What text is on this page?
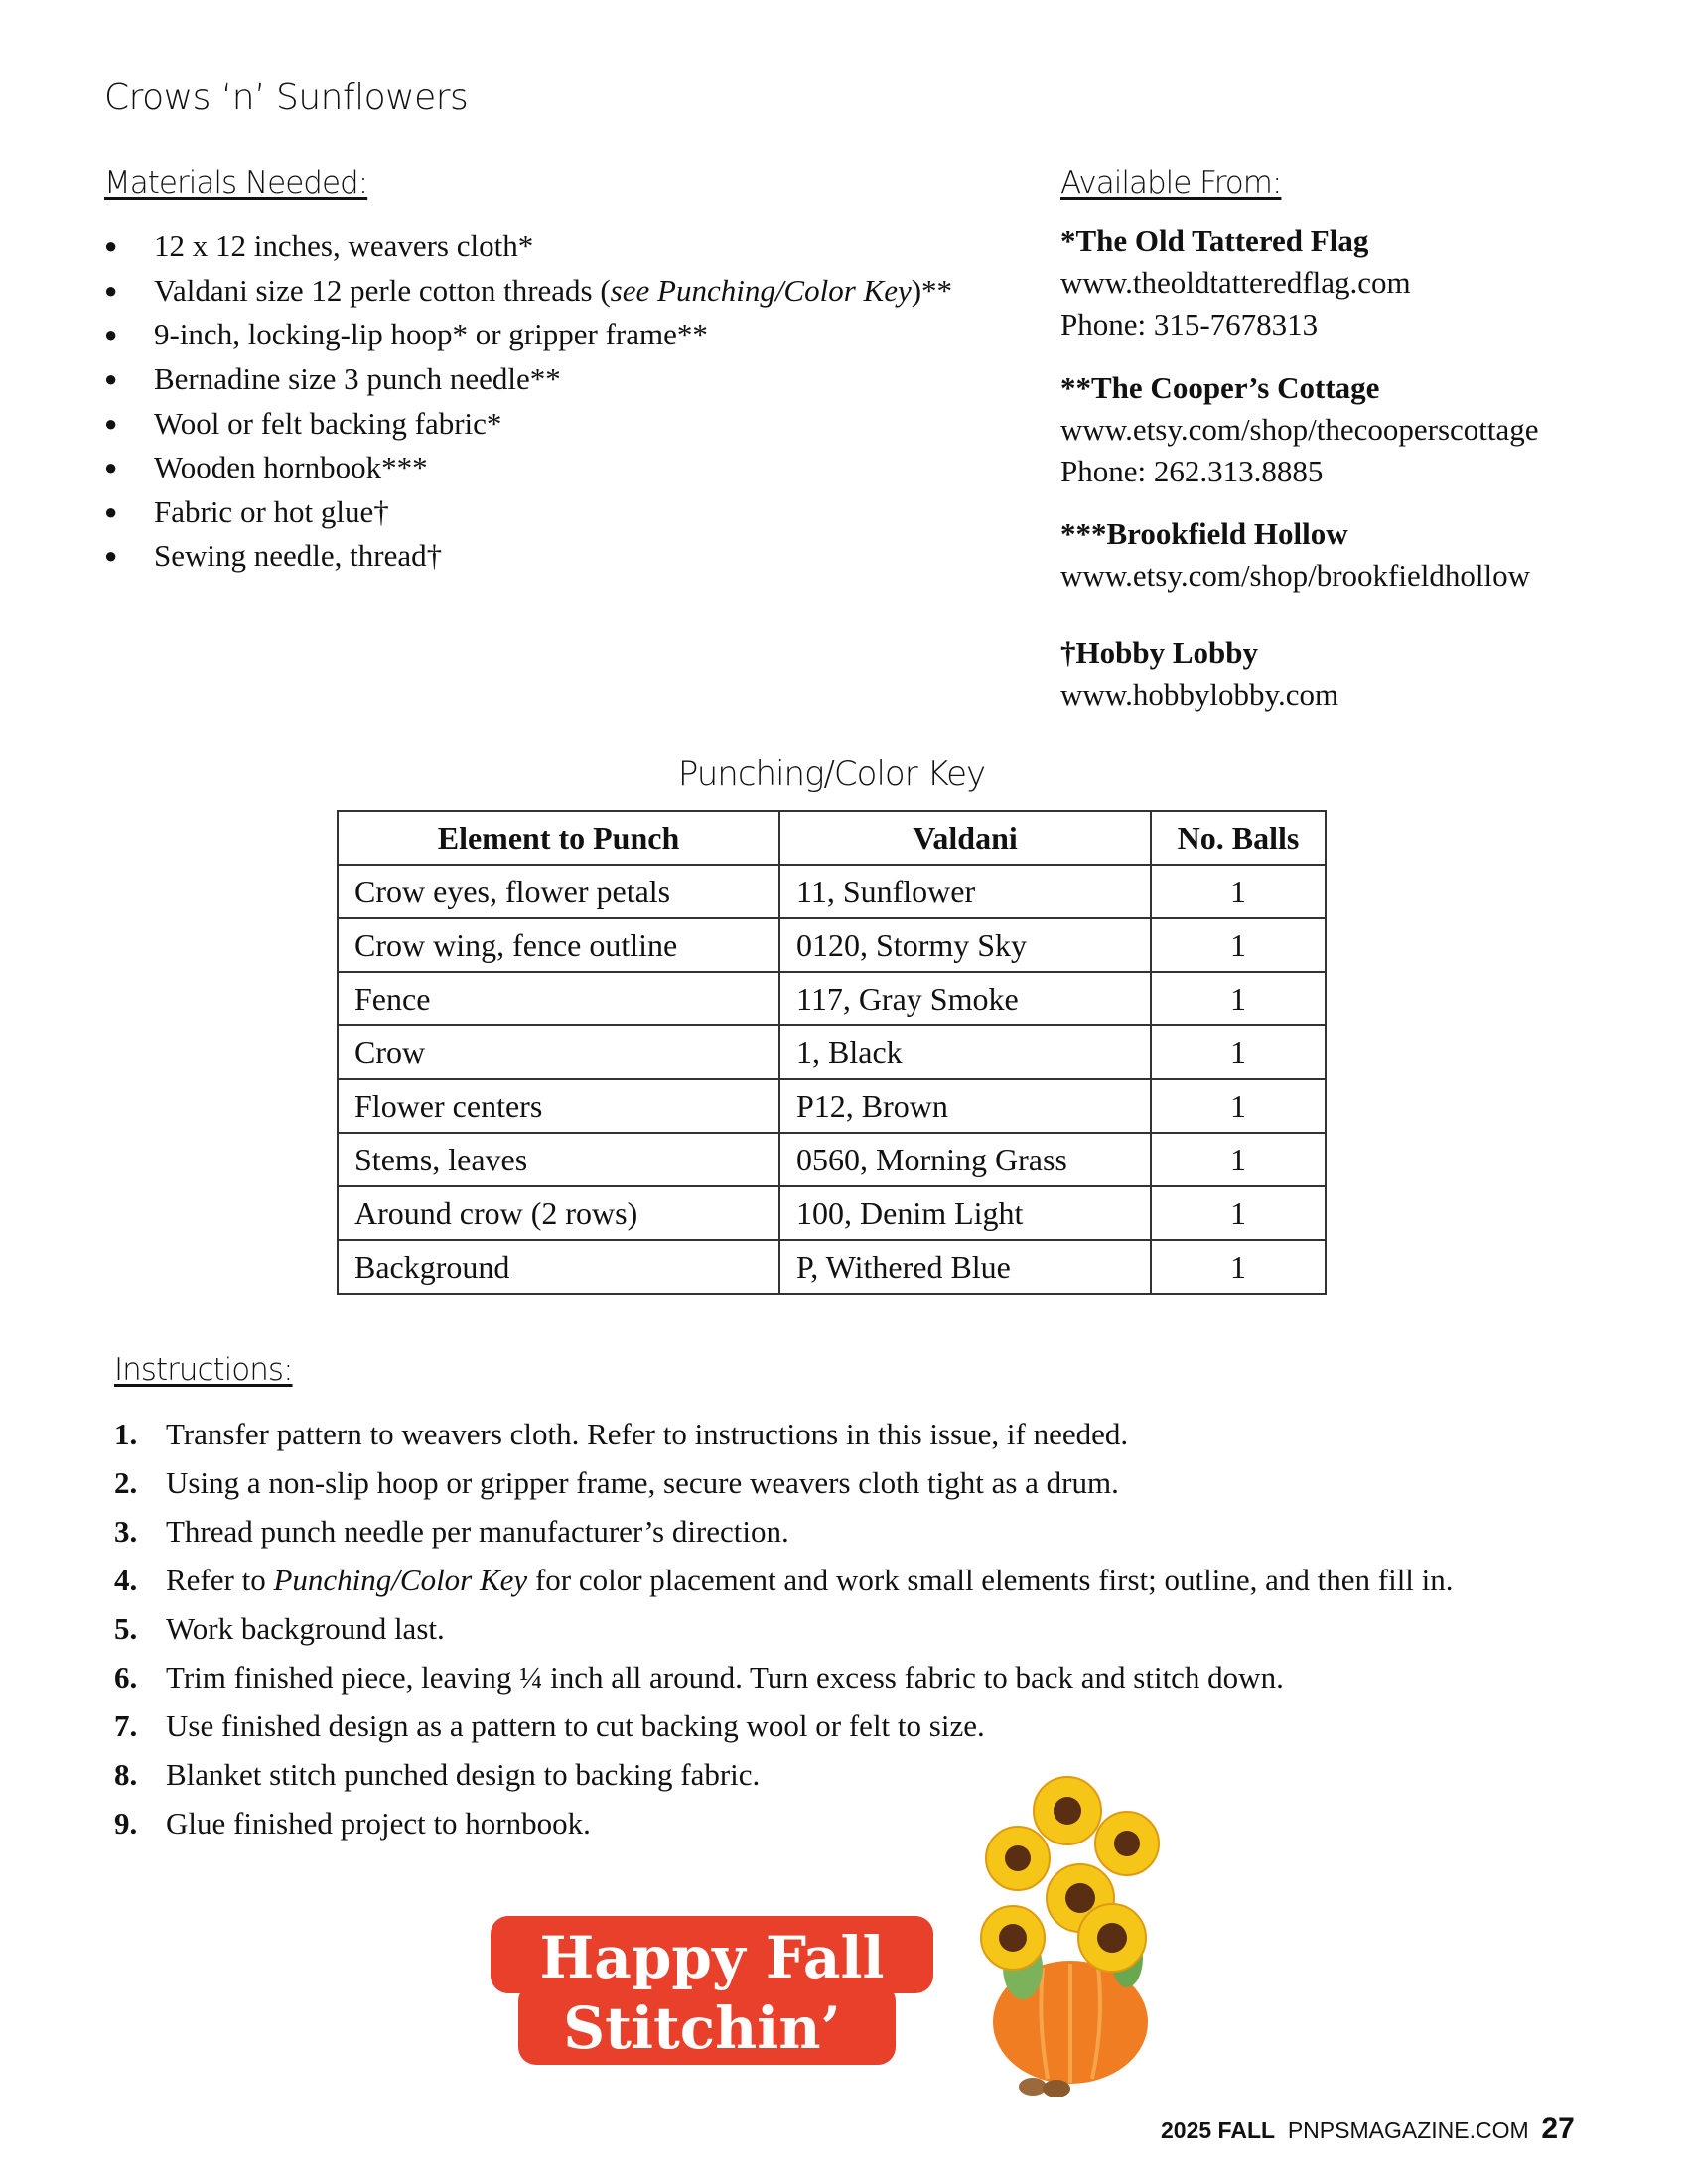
Crows ‘n’ Sunflowers
Materials Needed:
●	12 x 12 inches, weavers cloth*
●	Valdani size 12 perle cotton threads ( see Punching/Color Key )**
●	9-inch, locking-lip hoop* or gripper frame**
●	Bernadine size 3 punch needle**
●	Wool or felt backing fabric*
●	Wooden hornbook***
●	Fabric or hot glue†
●	Sewing needle, thread†
Available From:
*The Old Tattered Flag
www.theoldtatteredflag.com
Phone: 315-7678313
**The Cooper’s Cottage
www.etsy.com/shop/thecooperscottage
Phone: 262.313.8885
***Brookfield Hollow
www.etsy.com/shop/brookfieldhollow
†Hobby Lobby
www.hobbylobby.com
Punching/Color Key
Element to Punch	Valdani	No. Balls
Crow eyes, flower petals	11, Sunflower	1
Crow wing, fence outline	0120, Stormy Sky	1
Fence	117, Gray Smoke	1
Crow	1, Black	1
Flower centers	P12, Brown	1
Stems, leaves	0560, Morning Grass	1
Around crow (2 rows)	100, Denim Light	1
Background	P, Withered Blue	1
Instructions:
1. Transfer pattern to weavers cloth. Refer to instructions in this issue, if needed.
2. Using a non-slip hoop or gripper frame, secure weavers cloth tight as a drum.
3. Thread punch needle per manufacturer’s direction.
4. Refer to Punching/Color Key for color placement and work small elements first; outline, and then fill in.
5. Work background last.
6. Trim finished piece, leaving ¼ inch all around. Turn excess fabric to back and stitch down.
7. Use finished design as a pattern to cut backing wool or felt to size.
8. Blanket stitch punched design to backing fabric.
9. Glue finished project to hornbook.
Happy Fall
Stitchin’
2025 FALL PNPSMAGAZINE.COM 27
